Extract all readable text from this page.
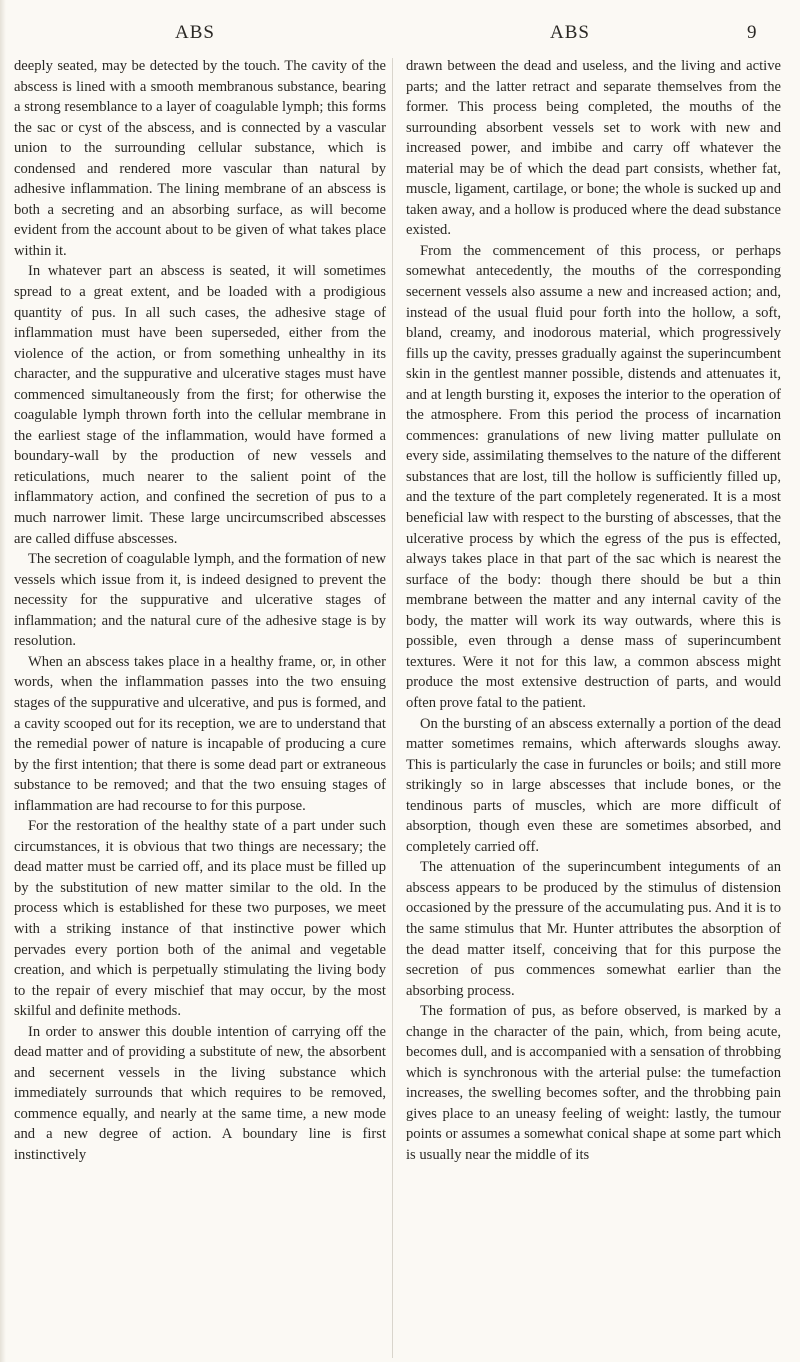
ABS	ABS	9

deeply seated, may be detected by the touch. The cavity of the abscess is lined with a smooth membranous substance, bearing a strong resemblance to a layer of coagulable lymph; this forms the sac or cyst of the abscess, and is connected by a vascular union to the surrounding cellular substance, which is condensed and rendered more vascular than natural by adhesive inflammation. The lining membrane of an abscess is both a secreting and an absorbing surface, as will become evident from the account about to be given of what takes place within it.

In whatever part an abscess is seated, it will sometimes spread to a great extent, and be loaded with a prodigious quantity of pus. In all such cases, the adhesive stage of inflammation must have been superseded, either from the violence of the action, or from something unhealthy in its character, and the suppurative and ulcerative stages must have commenced simultaneously from the first; for otherwise the coagulable lymph thrown forth into the cellular membrane in the earliest stage of the inflammation, would have formed a boundary-wall by the production of new vessels and reticulations, much nearer to the salient point of the inflammatory action, and confined the secretion of pus to a much narrower limit. These large uncircumscribed abscesses are called diffuse abscesses.

The secretion of coagulable lymph, and the formation of new vessels which issue from it, is indeed designed to prevent the necessity for the suppurative and ulcerative stages of inflammation; and the natural cure of the adhesive stage is by resolution.

When an abscess takes place in a healthy frame, or, in other words, when the inflammation passes into the two ensuing stages of the suppurative and ulcerative, and pus is formed, and a cavity scooped out for its reception, we are to understand that the remedial power of nature is incapable of producing a cure by the first intention; that there is some dead part or extraneous substance to be removed; and that the two ensuing stages of inflammation are had recourse to for this purpose.

For the restoration of the healthy state of a part under such circumstances, it is obvious that two things are necessary; the dead matter must be carried off, and its place must be filled up by the substitution of new matter similar to the old. In the process which is established for these two purposes, we meet with a striking instance of that instinctive power which pervades every portion both of the animal and vegetable creation, and which is perpetually stimulating the living body to the repair of every mischief that may occur, by the most skilful and definite methods.

In order to answer this double intention of carrying off the dead matter and of providing a substitute of new, the absorbent and secernent vessels in the living substance which immediately surrounds that which requires to be removed, commence equally, and nearly at the same time, a new mode and a new degree of action. A boundary line is first instinctively

drawn between the dead and useless, and the living and active parts; and the latter retract and separate themselves from the former. This process being completed, the mouths of the surrounding absorbent vessels set to work with new and increased power, and imbibe and carry off whatever the material may be of which the dead part consists, whether fat, muscle, ligament, cartilage, or bone; the whole is sucked up and taken away, and a hollow is produced where the dead substance existed.

From the commencement of this process, or perhaps somewhat antecedently, the mouths of the corresponding secernent vessels also assume a new and increased action; and, instead of the usual fluid pour forth into the hollow, a soft, bland, creamy, and inodorous material, which progressively fills up the cavity, presses gradually against the superincumbent skin in the gentlest manner possible, distends and attenuates it, and at length bursting it, exposes the interior to the operation of the atmosphere. From this period the process of incarnation commences: granulations of new living matter pullulate on every side, assimilating themselves to the nature of the different substances that are lost, till the hollow is sufficiently filled up, and the texture of the part completely regenerated. It is a most beneficial law with respect to the bursting of abscesses, that the ulcerative process by which the egress of the pus is effected, always takes place in that part of the sac which is nearest the surface of the body: though there should be but a thin membrane between the matter and any internal cavity of the body, the matter will work its way outwards, where this is possible, even through a dense mass of superincumbent textures. Were it not for this law, a common abscess might produce the most extensive destruction of parts, and would often prove fatal to the patient.

On the bursting of an abscess externally a portion of the dead matter sometimes remains, which afterwards sloughs away. This is particularly the case in furuncles or boils; and still more strikingly so in large abscesses that include bones, or the tendinous parts of muscles, which are more difficult of absorption, though even these are sometimes absorbed, and completely carried off.

The attenuation of the superincumbent integuments of an abscess appears to be produced by the stimulus of distension occasioned by the pressure of the accumulating pus. And it is to the same stimulus that Mr. Hunter attributes the absorption of the dead matter itself, conceiving that for this purpose the secretion of pus commences somewhat earlier than the absorbing process.

The formation of pus, as before observed, is marked by a change in the character of the pain, which, from being acute, becomes dull, and is accompanied with a sensation of throbbing which is synchronous with the arterial pulse: the tumefaction increases, the swelling becomes softer, and the throbbing pain gives place to an uneasy feeling of weight: lastly, the tumour points or assumes a somewhat conical shape at some part which is usually near the middle of its
